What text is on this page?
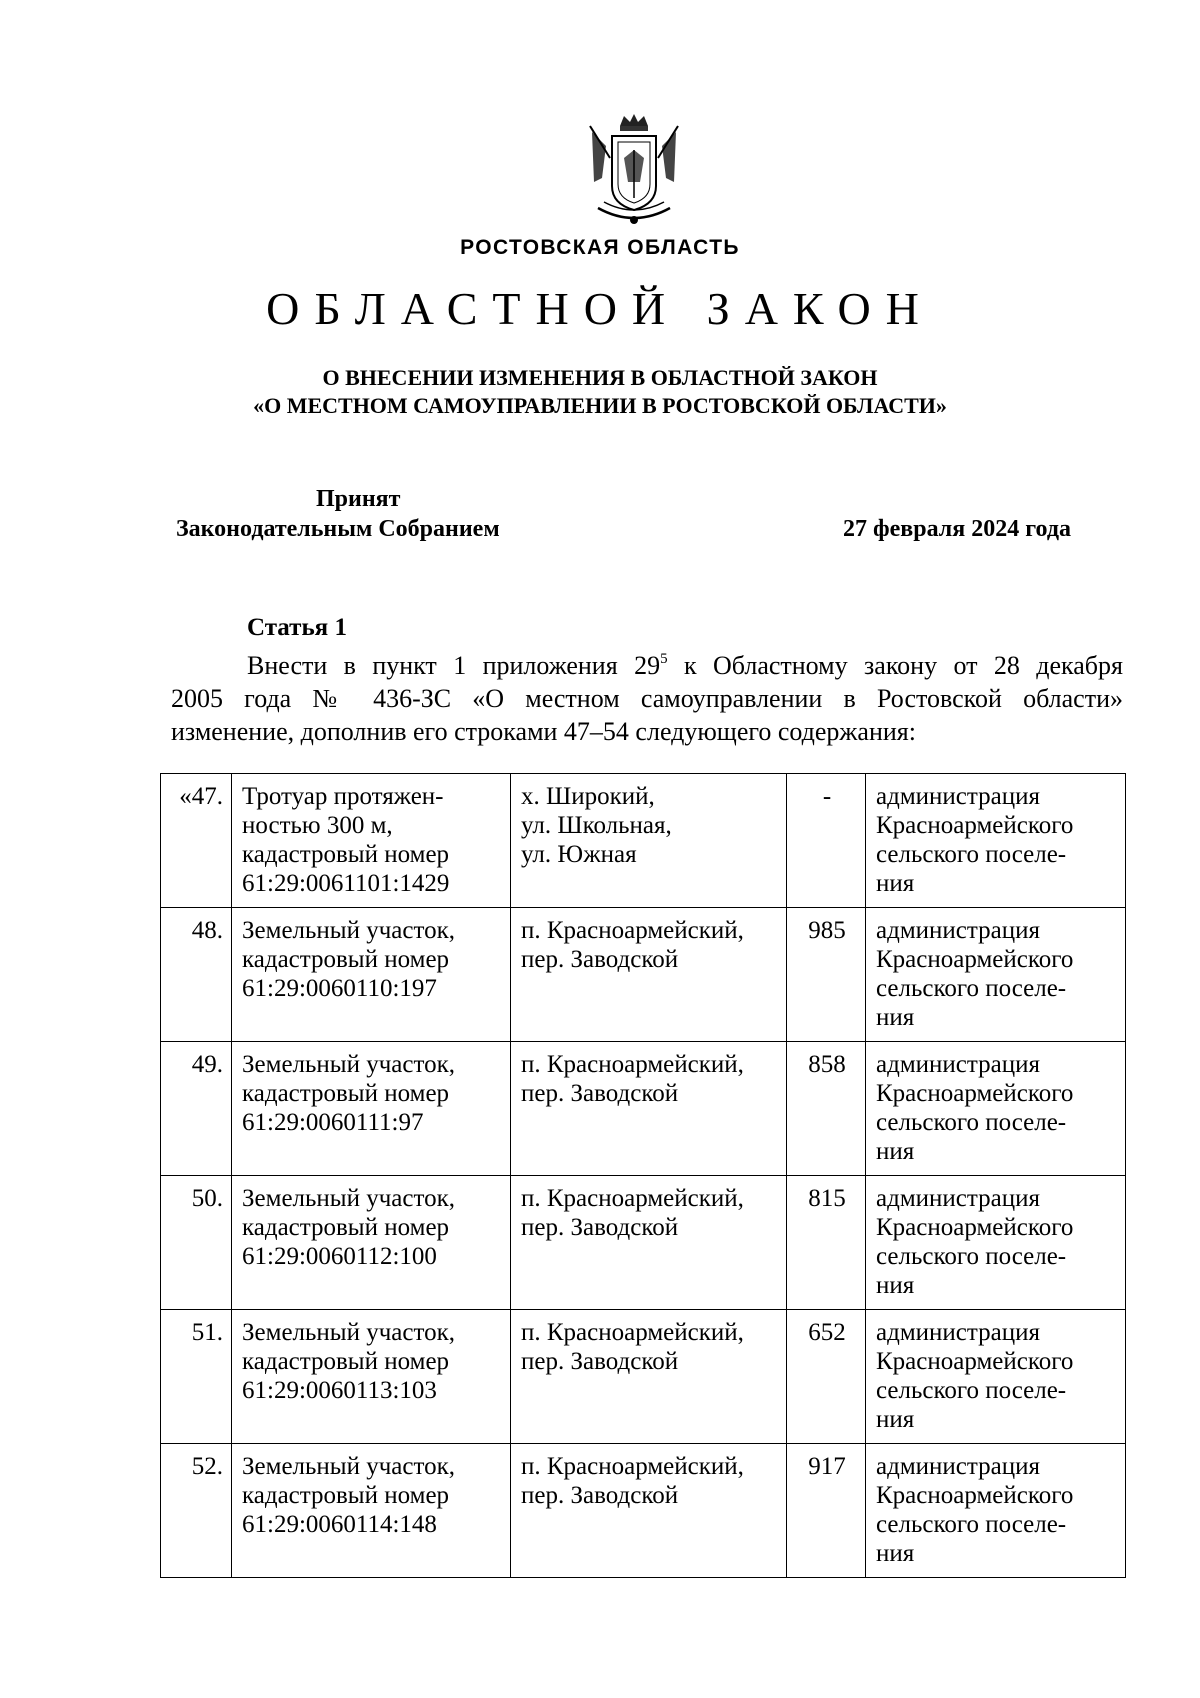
РОСТОВСКАЯ ОБЛАСТЬ
ОБЛАСТНОЙ ЗАКОН
О ВНЕСЕНИИ ИЗМЕНЕНИЯ В ОБЛАСТНОЙ ЗАКОН
«О МЕСТНОМ САМОУПРАВЛЕНИИ В РОСТОВСКОЙ ОБЛАСТИ»
Принят
Законодательным Собранием	27 февраля 2024 года
Статья 1
Внести в пункт 1 приложения $29^5$ к Областному закону от 28 декабря
2005 года № 436-ЗС «О местном самоуправлении в Ростовской области»
изменение, дополнив его строками 47–54 следующего содержания:
«47.	Тротуар протяжен-
ностью 300 м,
кадастровый номер
61:29:0061101:1429	х. Широкий,
ул. Школьная,
ул. Южная	-	администрация
Красноармейского
сельского поселе-
ния

48.	Земельный участок,
кадастровый номер
61:29:0060110:197	п. Красноармейский,
пер. Заводской	985	администрация
Красноармейского
сельского поселе-
ния

49.	Земельный участок,
кадастровый номер
61:29:0060111:97	п. Красноармейский,
пер. Заводской	858	администрация
Красноармейского
сельского поселе-
ния

50.	Земельный участок,
кадастровый номер
61:29:0060112:100	п. Красноармейский,
пер. Заводской	815	администрация
Красноармейского
сельского поселе-
ния

51.	Земельный участок,
кадастровый номер
61:29:0060113:103	п. Красноармейский,
пер. Заводской	652	администрация
Красноармейского
сельского поселе-
ния

52.	Земельный участок,
кадастровый номер
61:29:0060114:148	п. Красноармейский,
пер. Заводской	917	администрация
Красноармейского
сельского поселе-
ния
